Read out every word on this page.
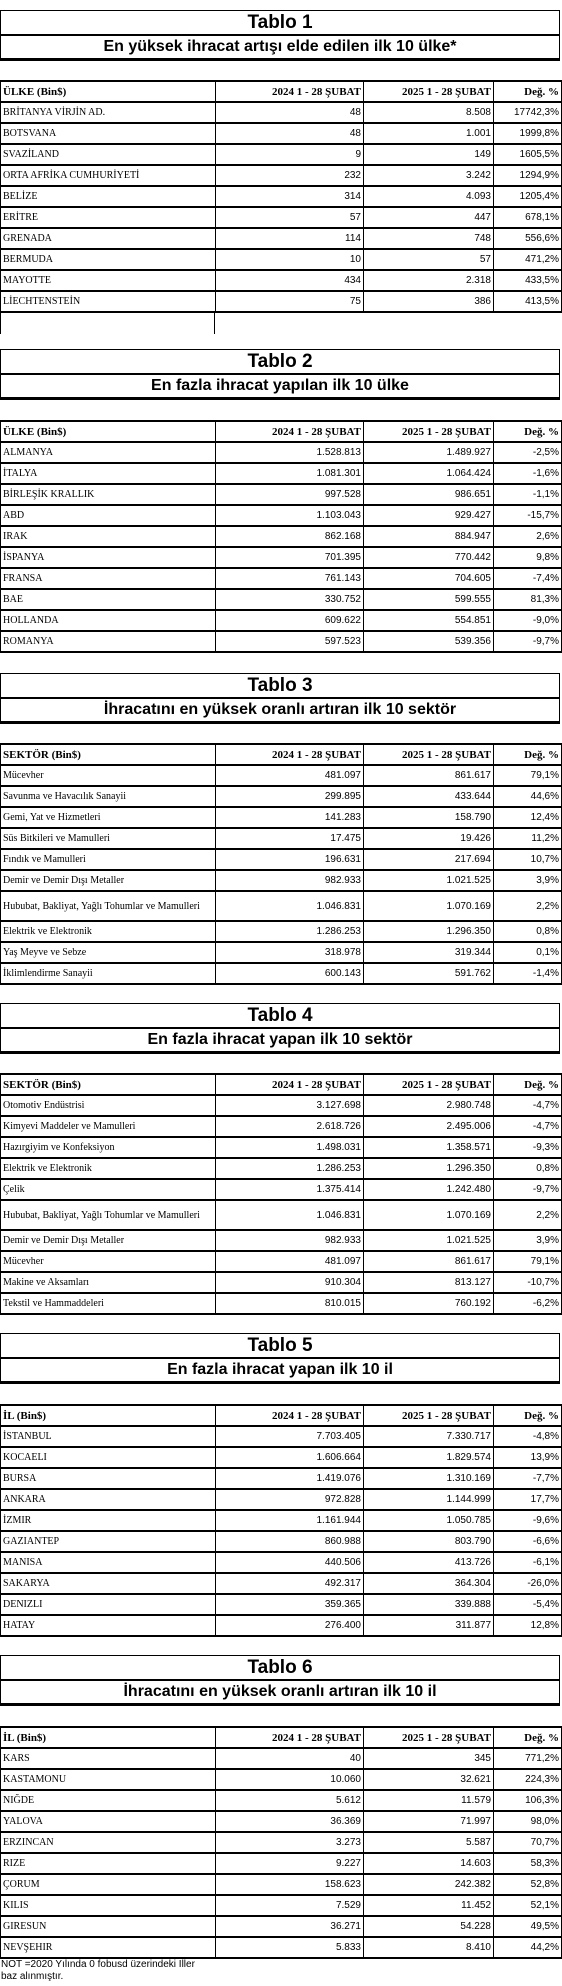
Tablo 1
En yüksek ihracat artışı elde edilen ilk 10 ülke*
ÜLKE (Bin$)	2024 1 - 28 ŞUBAT	2025 1 - 28 ŞUBAT	Değ. %
BRİTANYA VİRJİN AD.	48	8.508	17742,3%
BOTSVANA	48	1.001	1999,8%
SVAZİLAND	9	149	1605,5%
ORTA AFRİKA CUMHURİYETİ	232	3.242	1294,9%
BELİZE	314	4.093	1205,4%
ERİTRE	57	447	678,1%
GRENADA	114	748	556,6%
BERMUDA	10	57	471,2%
MAYOTTE	434	2.318	433,5%
LİECHTENSTEİN	75	386	413,5%
Tablo 2
En fazla ihracat yapılan ilk 10 ülke
ÜLKE (Bin$)	2024 1 - 28 ŞUBAT	2025 1 - 28 ŞUBAT	Değ. %
ALMANYA	1.528.813	1.489.927	-2,5%
İTALYA	1.081.301	1.064.424	-1,6%
BİRLEŞİK KRALLIK	997.528	986.651	-1,1%
ABD	1.103.043	929.427	-15,7%
IRAK	862.168	884.947	2,6%
İSPANYA	701.395	770.442	9,8%
FRANSA	761.143	704.605	-7,4%
BAE	330.752	599.555	81,3%
HOLLANDA	609.622	554.851	-9,0%
ROMANYA	597.523	539.356	-9,7%
Tablo 3
İhracatını en yüksek oranlı artıran ilk 10 sektör
SEKTÖR (Bin$)	2024 1 - 28 ŞUBAT	2025 1 - 28 ŞUBAT	Değ. %
Mücevher	481.097	861.617	79,1%
Savunma ve Havacılık Sanayii	299.895	433.644	44,6%
Gemi, Yat ve Hizmetleri	141.283	158.790	12,4%
Süs Bitkileri ve Mamulleri	17.475	19.426	11,2%
Fındık ve Mamulleri	196.631	217.694	10,7%
Demir ve Demir Dışı Metaller	982.933	1.021.525	3,9%
Hububat, Bakliyat, Yağlı Tohumlar ve Mamulleri	1.046.831	1.070.169	2,2%
Elektrik ve Elektronik	1.286.253	1.296.350	0,8%
Yaş Meyve ve Sebze	318.978	319.344	0,1%
İklimlendirme Sanayii	600.143	591.762	-1,4%
Tablo 4
En fazla ihracat yapan ilk 10 sektör
SEKTÖR (Bin$)	2024 1 - 28 ŞUBAT	2025 1 - 28 ŞUBAT	Değ. %
Otomotiv Endüstrisi	3.127.698	2.980.748	-4,7%
Kimyevi Maddeler ve Mamulleri	2.618.726	2.495.006	-4,7%
Hazırgiyim ve Konfeksiyon	1.498.031	1.358.571	-9,3%
Elektrik ve Elektronik	1.286.253	1.296.350	0,8%
Çelik	1.375.414	1.242.480	-9,7%
Hububat, Bakliyat, Yağlı Tohumlar ve Mamulleri	1.046.831	1.070.169	2,2%
Demir ve Demir Dışı Metaller	982.933	1.021.525	3,9%
Mücevher	481.097	861.617	79,1%
Makine ve Aksamları	910.304	813.127	-10,7%
Tekstil ve Hammaddeleri	810.015	760.192	-6,2%
Tablo 5
En fazla ihracat yapan ilk 10 il
İL (Bin$)	2024 1 - 28 ŞUBAT	2025 1 - 28 ŞUBAT	Değ. %
İSTANBUL	7.703.405	7.330.717	-4,8%
KOCAELI	1.606.664	1.829.574	13,9%
BURSA	1.419.076	1.310.169	-7,7%
ANKARA	972.828	1.144.999	17,7%
İZMIR	1.161.944	1.050.785	-9,6%
GAZIANTEP	860.988	803.790	-6,6%
MANISA	440.506	413.726	-6,1%
SAKARYA	492.317	364.304	-26,0%
DENIZLI	359.365	339.888	-5,4%
HATAY	276.400	311.877	12,8%
Tablo 6
İhracatını en yüksek oranlı artıran ilk 10 il
İL (Bin$)	2024 1 - 28 ŞUBAT	2025 1 - 28 ŞUBAT	Değ. %
KARS	40	345	771,2%
KASTAMONU	10.060	32.621	224,3%
NIĞDE	5.612	11.579	106,3%
YALOVA	36.369	71.997	98,0%
ERZINCAN	3.273	5.587	70,7%
RIZE	9.227	14.603	58,3%
ÇORUM	158.623	242.382	52,8%
KILIS	7.529	11.452	52,1%
GIRESUN	36.271	54.228	49,5%
NEVŞEHIR	5.833	8.410	44,2%
NOT =2020 Yılında 0 fobusd üzerindeki İller baz alınmıştır.
